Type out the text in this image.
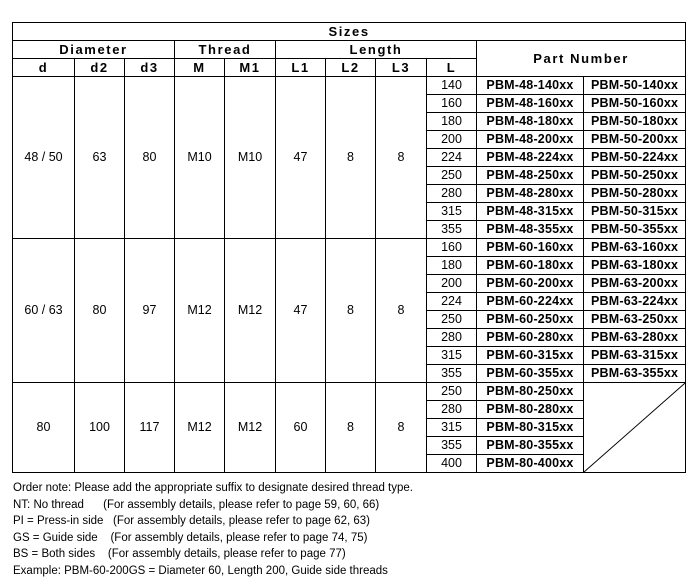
Sizes										
Diameter			Thread		Length				Part Number	
d	d2	d3	M	M1	L1	L2	L3	L		
48 / 50	63	80	M10	M10	47	8	8	140	PBM-48-140xx	PBM-50-140xx
								160	PBM-48-160xx	PBM-50-160xx
								180	PBM-48-180xx	PBM-50-180xx
								200	PBM-48-200xx	PBM-50-200xx
								224	PBM-48-224xx	PBM-50-224xx
								250	PBM-48-250xx	PBM-50-250xx
								280	PBM-48-280xx	PBM-50-280xx
								315	PBM-48-315xx	PBM-50-315xx
								355	PBM-48-355xx	PBM-50-355xx
60 / 63	80	97	M12	M12	47	8	8	160	PBM-60-160xx	PBM-63-160xx
								180	PBM-60-180xx	PBM-63-180xx
								200	PBM-60-200xx	PBM-63-200xx
								224	PBM-60-224xx	PBM-63-224xx
								250	PBM-60-250xx	PBM-63-250xx
								280	PBM-60-280xx	PBM-63-280xx
								315	PBM-60-315xx	PBM-63-315xx
								355	PBM-60-355xx	PBM-63-355xx
80	100	117	M12	M12	60	8	8	250	PBM-80-250xx	

								280	PBM-80-280xx	
								315	PBM-80-315xx	
								355	PBM-80-355xx	
								400	PBM-80-400xx	
Order note: Please add the appropriate suffix to designate desired thread type.
NT: No thread      (For assembly details, please refer to page 59, 60, 66)
PI = Press-in side   (For assembly details, please refer to page 62, 63)
GS = Guide side    (For assembly details, please refer to page 74, 75)
BS = Both sides    (For assembly details, please refer to page 77)
Example: PBM-60-200GS = Diameter 60, Length 200, Guide side threads
